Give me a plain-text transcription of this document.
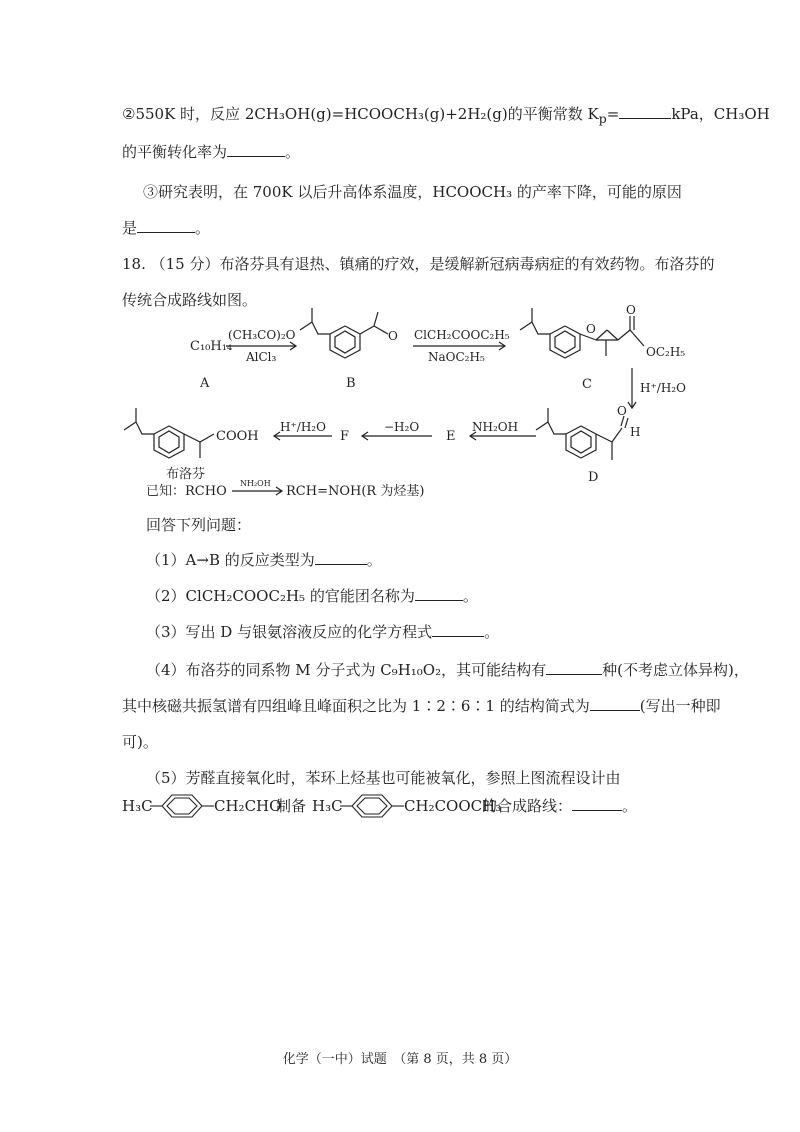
②550K 时，反应 2CH₃OH(g)=HCOOCH₃(g)+2H₂(g)的平衡常数 $K_p=$	kPa，CH₃OH
的平衡转化率为	。
③研究表明，在 700K 以后升高体系温度，HCOOCH₃ 的产率下降，可能的原因
是	。
18. （15 分）布洛芬具有退热、镇痛的疗效，是缓解新冠病毒病症的有效药物。布洛芬的
传统合成路线如图。
C₁₀H₁₄
(CH₃CO)₂O
AlCl₃
ClCH₂COOC₂H₅
NaOC₂H₅
O	O
O
OC₂H₅
H⁺/H₂O
O
H
NH₂OH
−H₂O
H⁺/H₂O
COOH
A	B	C
D
E
F
布洛芬
NH₂OH
已知：RCHO	RCH=NOH(R 为烃基)
回答下列问题：
（1）A→B 的反应类型为	。
（2）ClCH₂COOC₂H₅ 的官能团名称为	。
（3）写出 D 与银氨溶液反应的化学方程式	。
（4）布洛芬的同系物 M 分子式为 C₉H₁₀O₂，其可能结构有	种(不考虑立体异构)，
其中核磁共振氢谱有四组峰且峰面积之比为 1∶2∶6∶1 的结构简式为	(写出一种即
可)。
（5）芳醛直接氧化时，苯环上烃基也可能被氧化，参照上图流程设计由
H₃C	CH₂CHO
制备 H₃C	CH₂COOCH₃
的合成路线：	。
化学（一中）试题　（第 8 页，共 8 页）
